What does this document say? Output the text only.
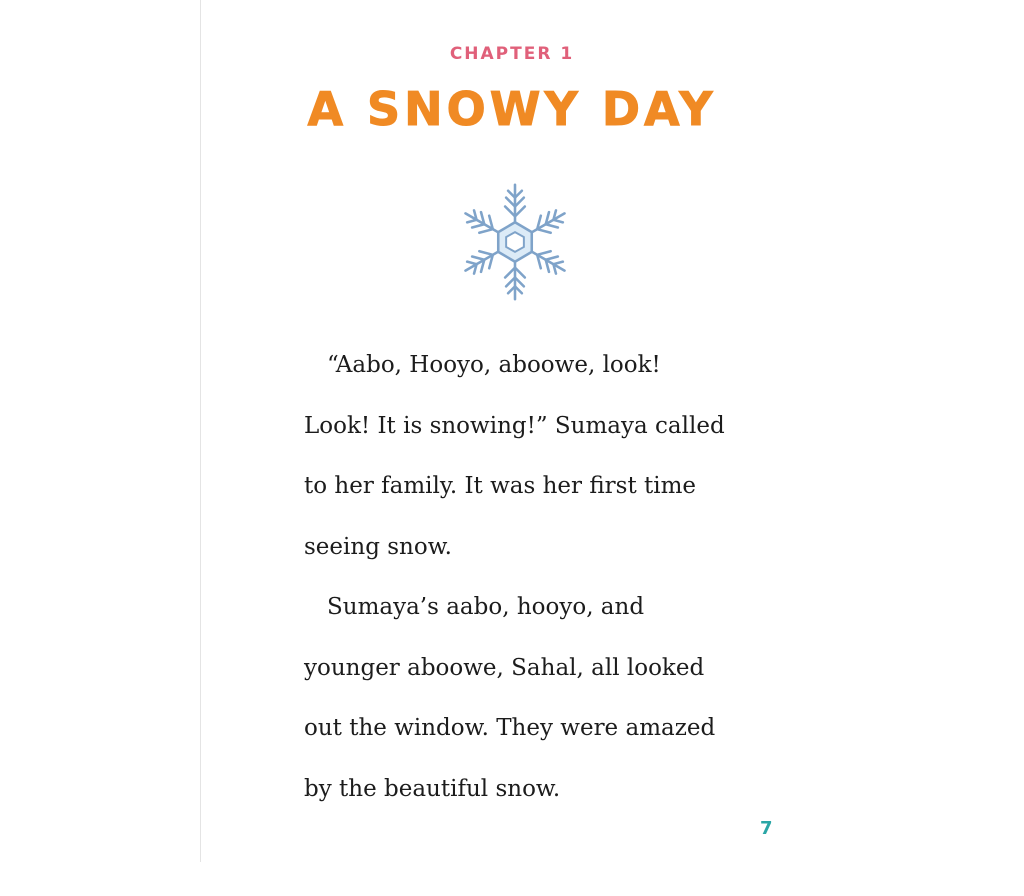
CHAPTER 1
A SNOWY DAY
“Aabo, Hooyo, aboowe, look!
Look! It is snowing!” Sumaya called
to her family. It was her first time
seeing snow.
Sumaya’s aabo, hooyo, and
younger aboowe, Sahal, all looked
out the window. They were amazed
by the beautiful snow.
7
